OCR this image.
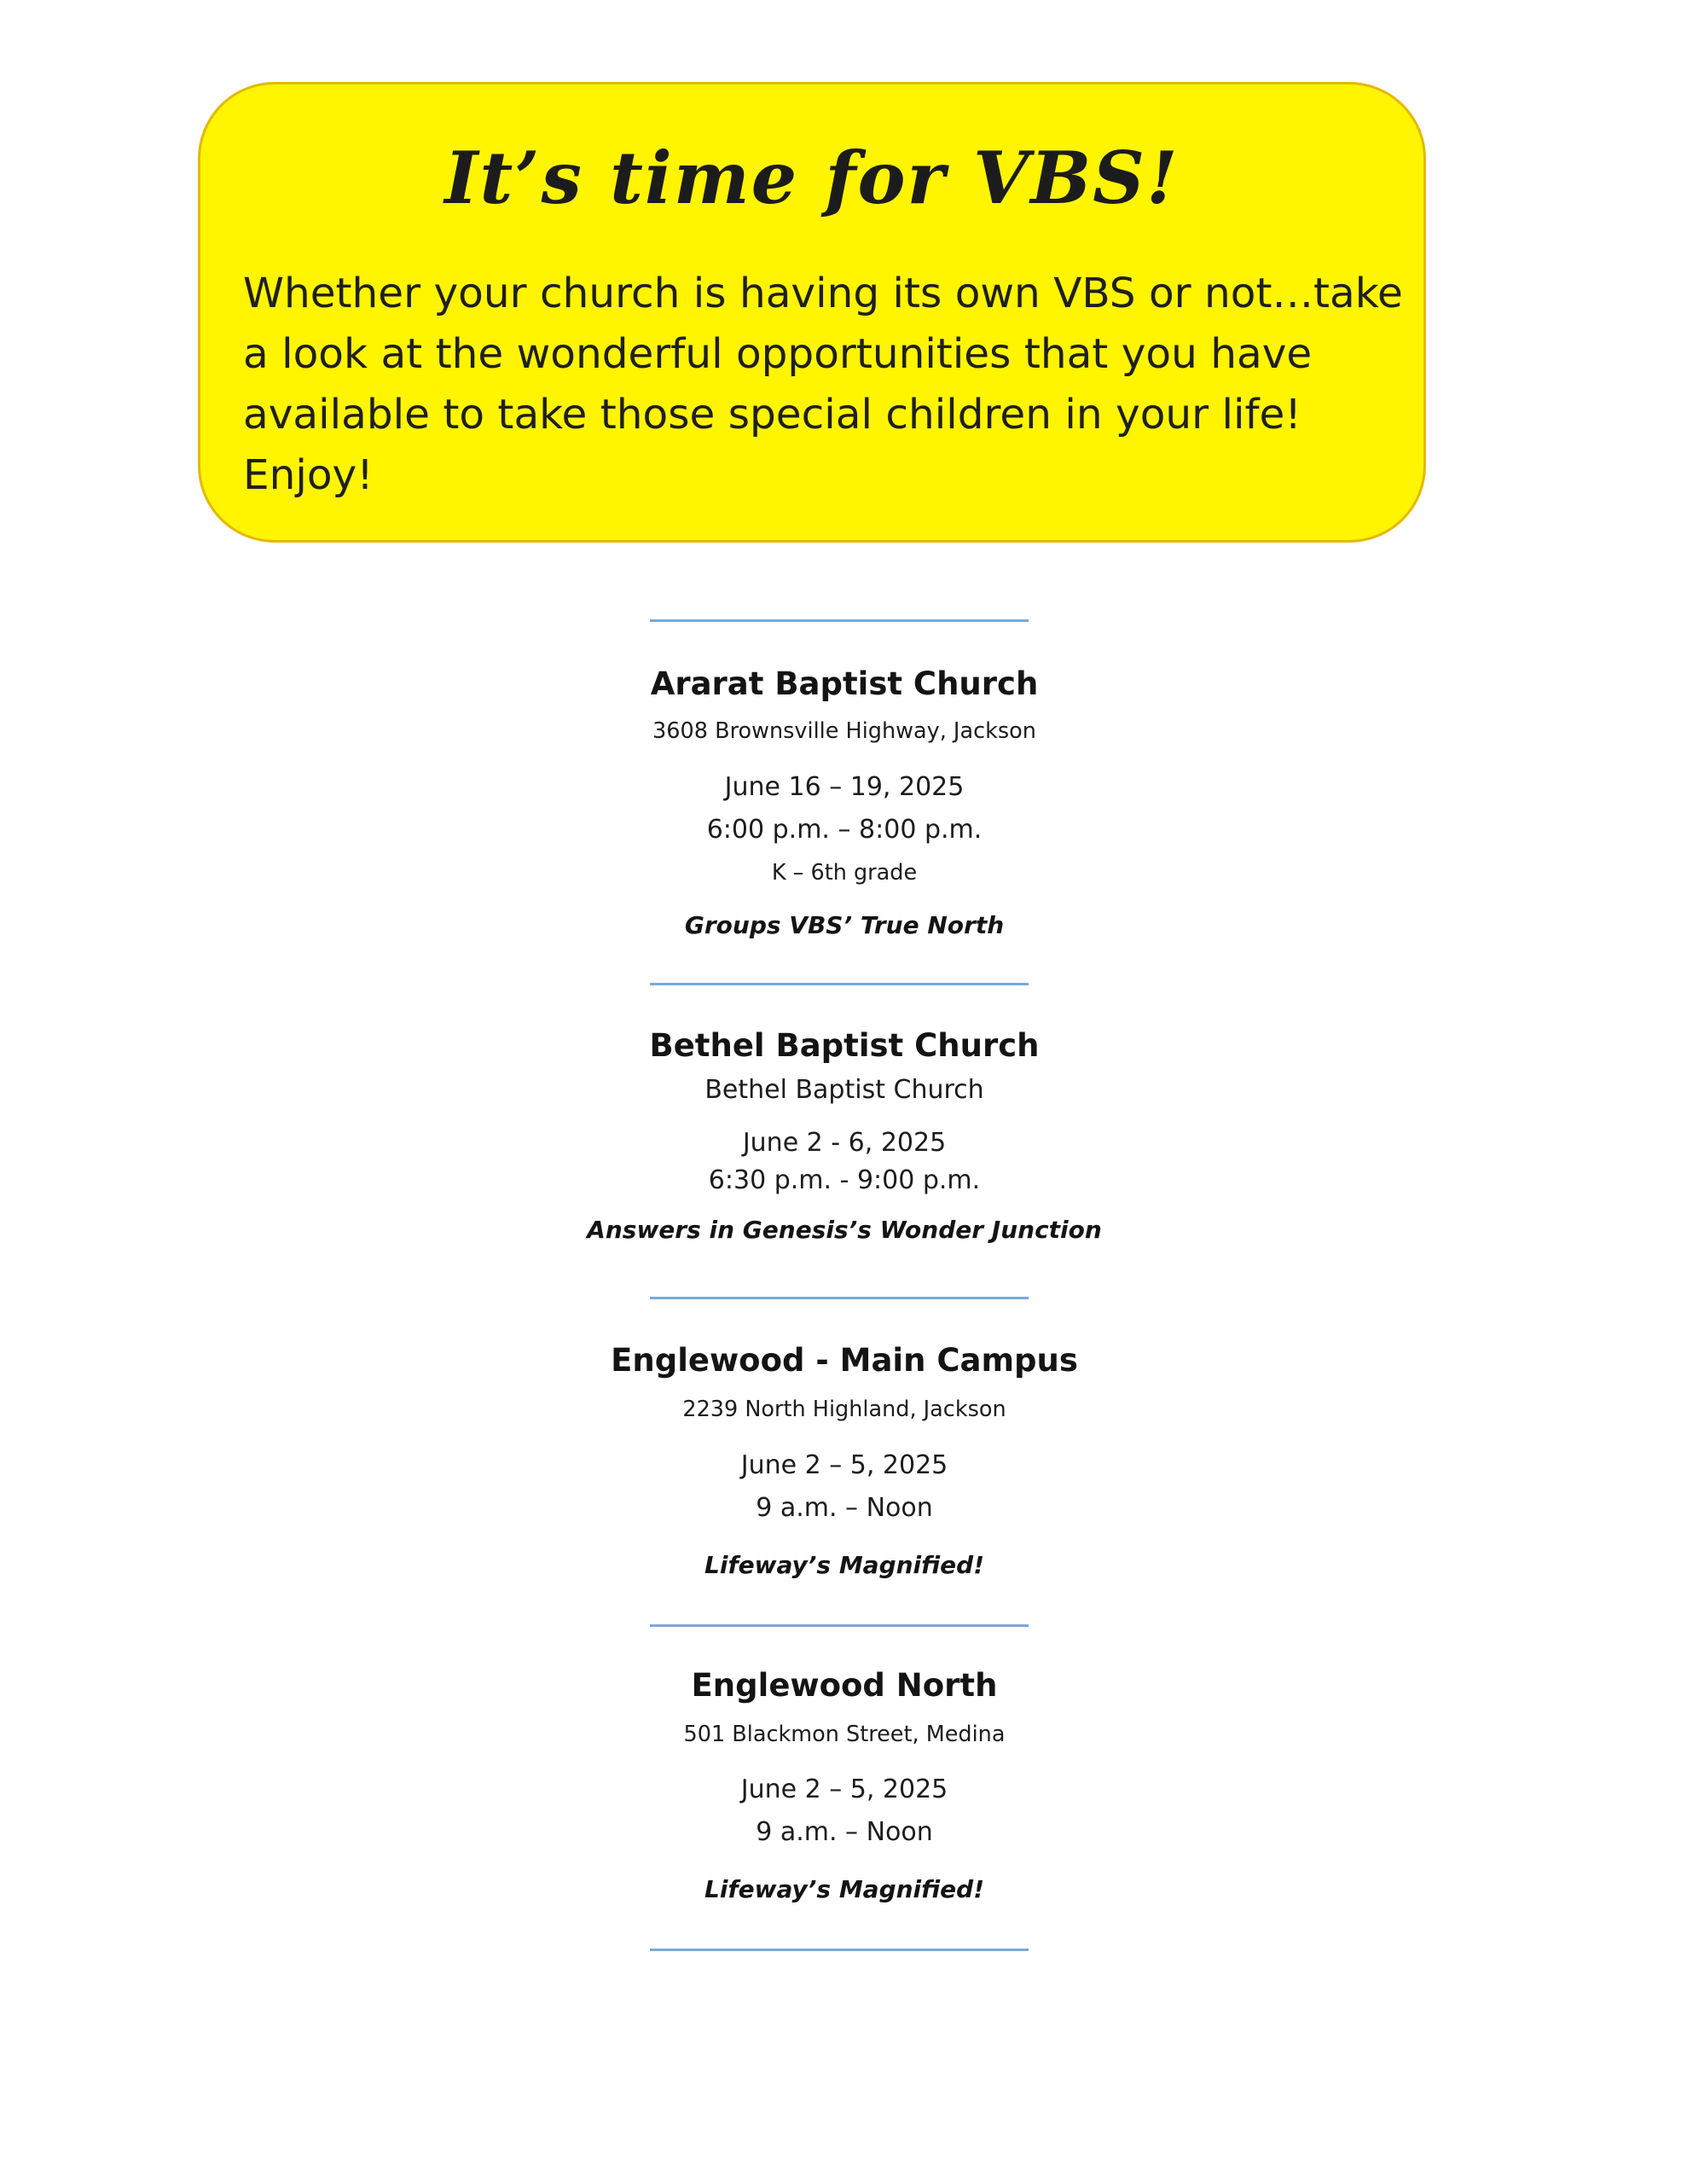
It’s time for VBS!

Whether your church is having its own VBS or not…take a look at the wonderful opportunities that you have available to take those special children in your life! Enjoy!

Ararat Baptist Church
3608 Brownsville Highway, Jackson
June 16 – 19, 2025
6:00 p.m. – 8:00 p.m.
K – 6th grade
Groups VBS’ True North
Bethel Baptist Church
Bethel Baptist Church
June 2 - 6, 2025
6:30 p.m. - 9:00 p.m.
Answers in Genesis’s Wonder Junction
Englewood - Main Campus
2239 North Highland, Jackson
June 2 – 5, 2025
9 a.m. – Noon
Lifeway’s Magnified!
Englewood North
501 Blackmon Street, Medina
June 2 – 5, 2025
9 a.m. – Noon
Lifeway’s Magnified!
